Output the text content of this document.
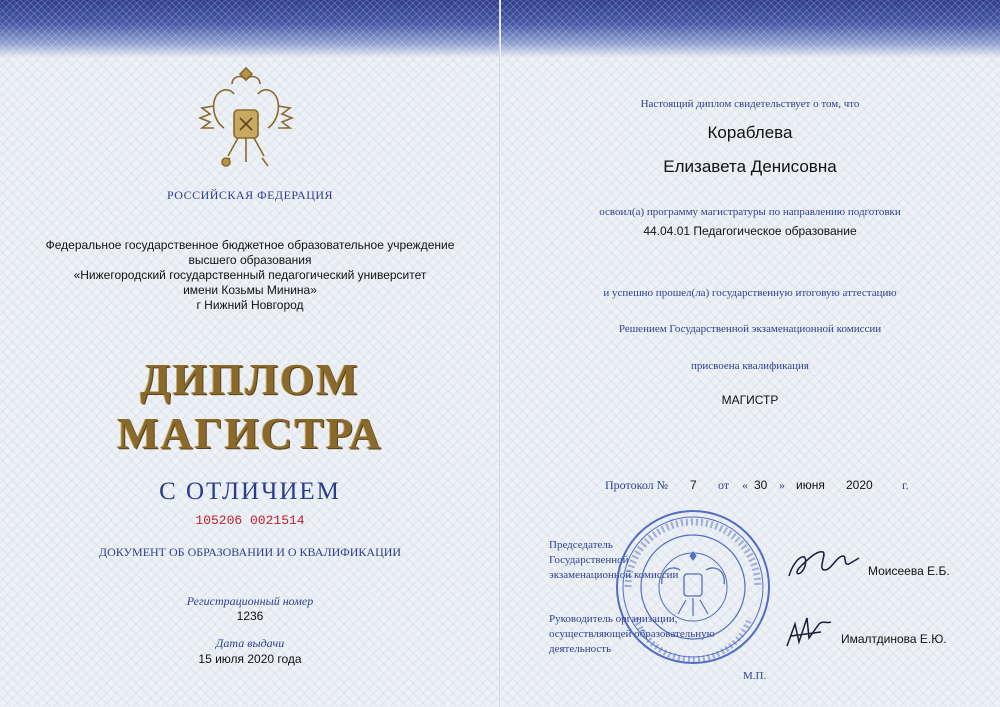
РОССИЙСКАЯ ФЕДЕРАЦИЯ
Федеральное государственное бюджетное образовательное учреждение
высшего образования
«Нижегородский государственный педагогический университет
имени Козьмы Минина»
г Нижний Новгород
ДИПЛОМ
МАГИСТРА
С ОТЛИЧИЕМ
105206 0021514
ДОКУМЕНТ ОБ ОБРАЗОВАНИИ И О КВАЛИФИКАЦИИ
Регистрационный номер
1236
Дата выдачи
15 июля 2020 года
Настоящий диплом свидетельствует о том, что
Кораблева
Елизавета Денисовна
освоил(а) программу магистратуры по направлению подготовки
44.04.01 Педагогическое образование
и успешно прошел(ла) государственную итоговую аттестацию
Решением Государственной экзаменационной комиссии
присвоена квалификация
МАГИСТР
Протокол № 7	от « 30 » июня	2020	г.
Председатель
Государственной
экзаменационной комиссии	Моисеева Е.Б.
Руководитель организации,
осуществляющей образовательную
деятельность
Ималтдинова Е.Ю.
М.П.
